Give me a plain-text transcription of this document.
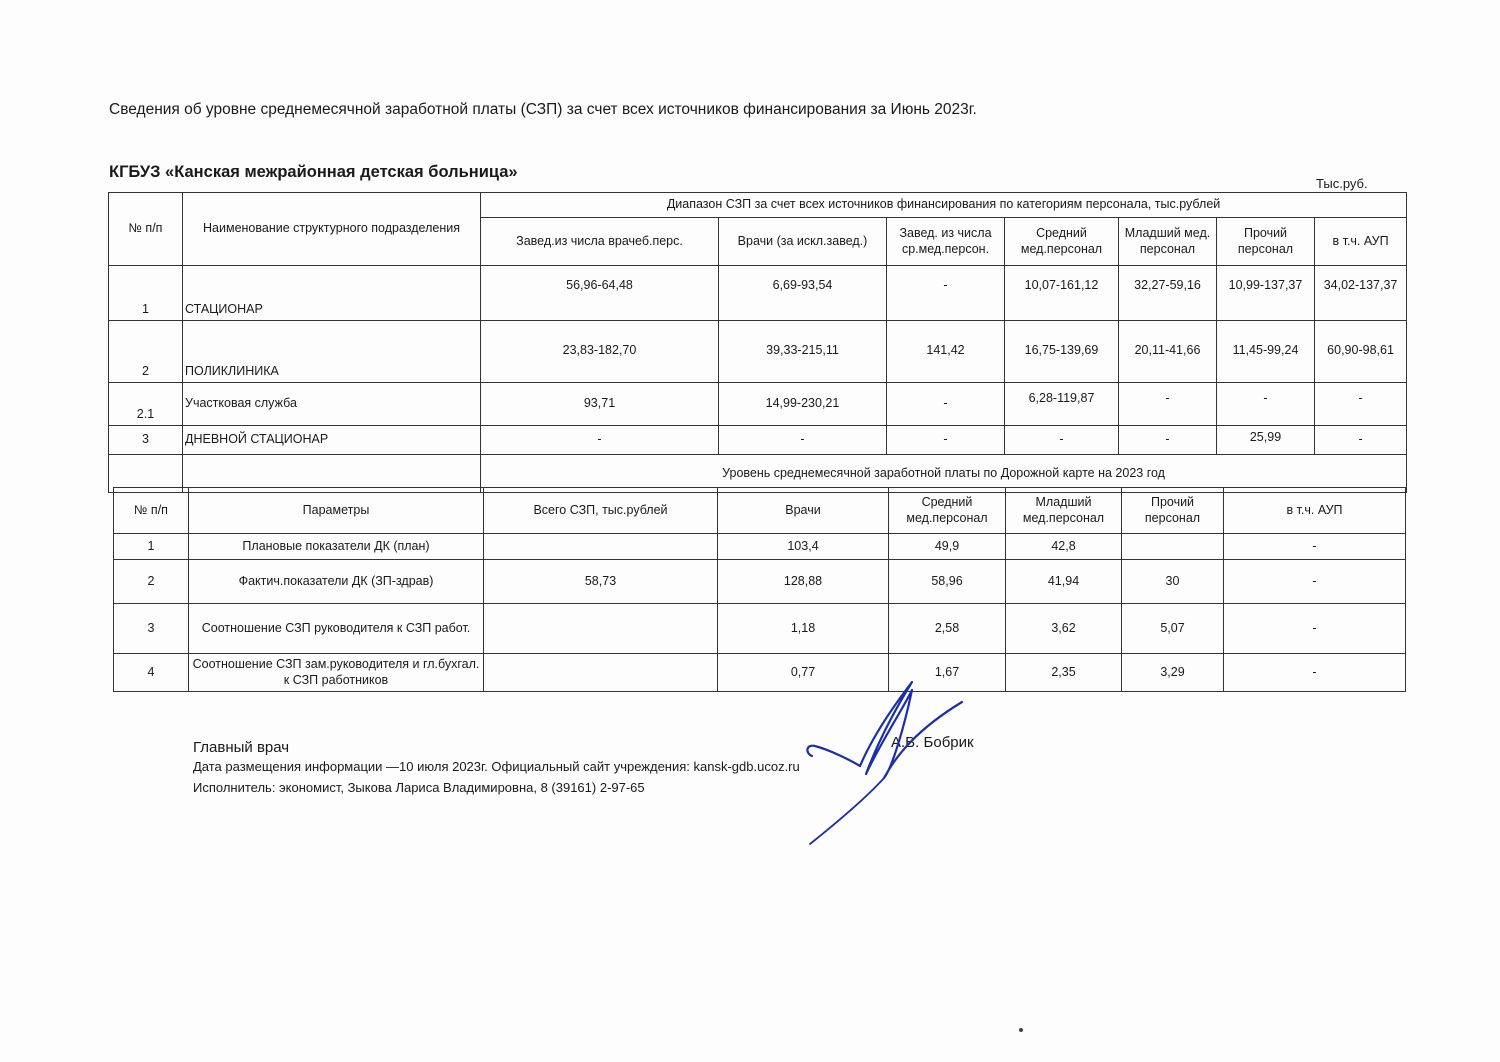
Сведения об уровне среднемесячной заработной платы (СЗП) за счет всех источников финансирования за Июнь 2023г.
КГБУЗ «Канская межрайонная детская больница»
Тыс.руб.
№ п/п	Наименование структурного подразделения	Диапазон СЗП за счет всех источников финансирования по категориям персонала, тыс.рублей						
		Завед.из числа врачеб.перс.	Врачи (за искл.завед.)	Завед. из числа ср.мед.персон.	Средний мед.персонал	Младший мед. персонал	Прочий персонал	в т.ч. АУП
1	СТАЦИОНАР	56,96-64,48	6,69-93,54	-	10,07-161,12	32,27-59,16	10,99-137,37	34,02-137,37
2	ПОЛИКЛИНИКА	23,83-182,70	39,33-215,11	141,42	16,75-139,69	20,11-41,66	11,45-99,24	60,90-98,61
2.1	Участковая служба	93,71	14,99-230,21	-	6,28-119,87	-	-	-
3	ДНЕВНОЙ СТАЦИОНАР	-	-	-	-	-	25,99	-
		Уровень среднемесячной заработной платы по Дорожной карте на 2023 год						
№ п/п	Параметры	Всего СЗП, тыс.рублей	Врачи	Средний мед.персонал	Младший мед.персонал	Прочий персонал	в т.ч. АУП
1	Плановые показатели ДК (план)		103,4	49,9	42,8		-
2	Фактич.показатели ДК (ЗП-здрав)	58,73	128,88	58,96	41,94	30	-
3	Соотношение СЗП руководителя к СЗП работ.		1,18	2,58	3,62	5,07	-
4	Соотношение СЗП зам.руководителя и гл.бухгал. к СЗП работников		0,77	1,67	2,35	3,29	-
Главный врач
Дата размещения информации —10 июля 2023г. Официальный сайт учреждения: kansk-gdb.ucoz.ru
Исполнитель: экономист, Зыкова Лариса Владимировна, 8 (39161) 2-97-65
А.В. Бобрик
